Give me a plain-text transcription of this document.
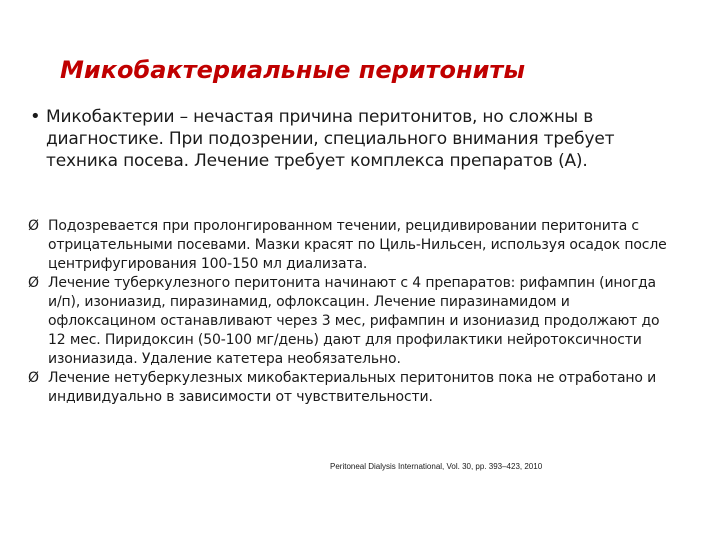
Микобактериальные перитониты
• Микобактерии – нечастая причина перитонитов, но сложны в диагностике. При подозрении, специального внимания требует техника посева. Лечение требует комплекса препаратов (А).
Ø Подозревается при пролонгированном течении, рецидивировании перитонита с отрицательными посевами. Мазки красят по Циль-Нильсен, используя осадок после центрифугирования 100-150 мл диализата.
Ø Лечение туберкулезного перитонита начинают с 4 препаратов: рифампин (иногда и/п), изониазид, пиразинамид, офлоксацин. Лечение пиразинамидом и офлоксацином останавливают через 3 мес, рифампин и изониазид продолжают до 12 мес. Пиридоксин (50-100 мг/день) дают для профилактики нейротоксичности изониазида. Удаление катетера необязательно.
Ø Лечение нетуберкулезных микобактериальных перитонитов пока не отработано и индивидуально в зависимости от чувствительности.
Peritoneal Dialysis International, Vol. 30, pp. 393–423, 2010
